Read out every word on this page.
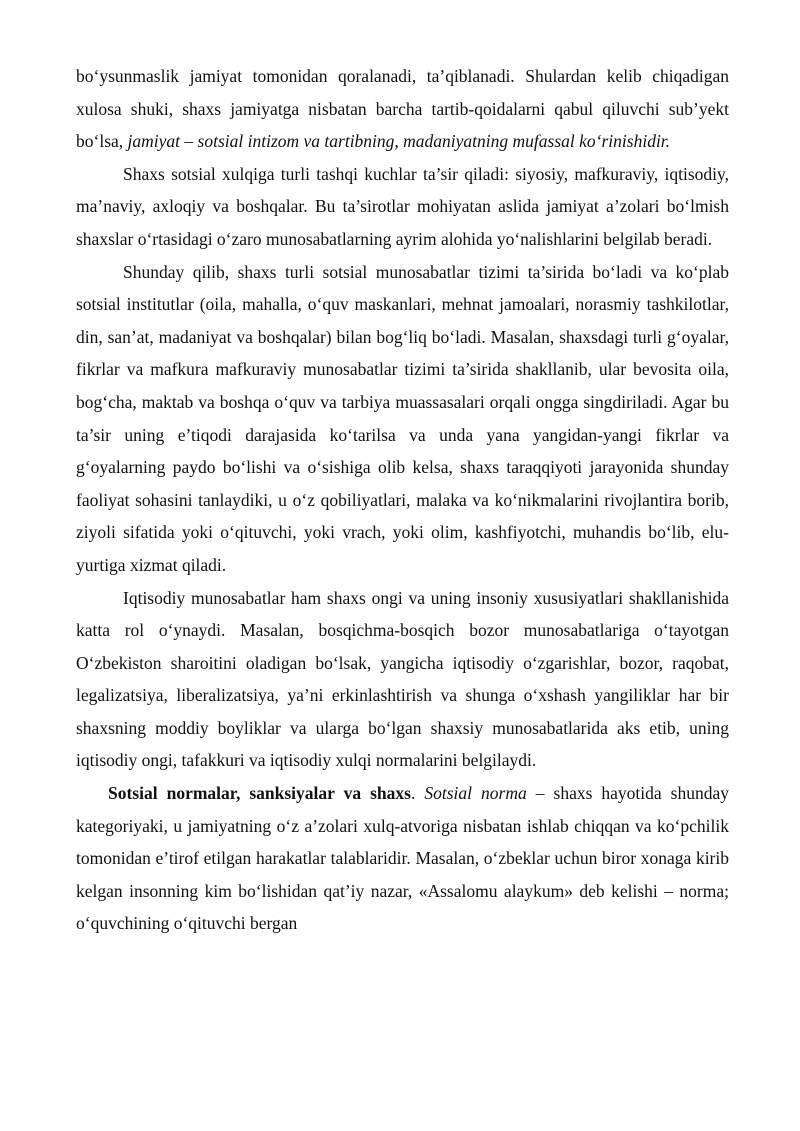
bo‘ysunmaslik jamiyat tomonidan qoralanadi, ta’qiblanadi. Shulardan kelib chiqadigan xulosa shuki, shaxs jamiyatga nisbatan barcha tartib-qoidalarni qabul qiluvchi sub’yekt bo‘lsa, jamiyat – sotsial intizom va tartibning, madaniyatning mufassal ko‘rinishidir.

Shaxs sotsial xulqiga turli tashqi kuchlar ta’sir qiladi: siyosiy, mafkuraviy, iqtisodiy, ma’naviy, axloqiy va boshqalar. Bu ta’sirotlar mohiyatan aslida jamiyat a’zolari bo‘lmish shaxslar o‘rtasidagi o‘zaro munosabatlarning ayrim alohida yo‘nalishlarini belgilab beradi.

Shunday qilib, shaxs turli sotsial munosabatlar tizimi ta’sirida bo‘ladi va ko‘plab sotsial institutlar (oila, mahalla, o‘quv maskanlari, mehnat jamoalari, norasmiy tashkilotlar, din, san’at, madaniyat va boshqalar) bilan bog‘liq bo‘ladi. Masalan, shaxsdagi turli g‘oyalar, fikrlar va mafkura mafkuraviy munosabatlar tizimi ta’sirida shakllanib, ular bevosita oila, bog‘cha, maktab va boshqa o‘quv va tarbiya muassasalari orqali ongga singdiriladi. Agar bu ta’sir uning e’tiqodi darajasida ko‘tarilsa va unda yana yangidan-yangi fikrlar va g‘oyalarning paydo bo‘lishi va o‘sishiga olib kelsa, shaxs taraqqiyoti jarayonida shunday faoliyat sohasini tanlaydiki, u o‘z qobiliyatlari, malaka va ko‘nikmalarini rivojlantira borib, ziyoli sifatida yoki o‘qituvchi, yoki vrach, yoki olim, kashfiyotchi, muhandis bo‘lib, elu- yurtiga xizmat qiladi.

Iqtisodiy munosabatlar ham shaxs ongi va uning insoniy xususiyatlari shakllanishida katta rol o‘ynaydi. Masalan, bosqichma-bosqich bozor munosabatlariga o‘tayotgan O‘zbekiston sharoitini oladigan bo‘lsak, yangicha iqtisodiy o‘zgarishlar, bozor, raqobat, legalizatsiya, liberalizatsiya, ya’ni erkinlashtirish va shunga o‘xshash yangiliklar har bir shaxsning moddiy boyliklar va ularga bo‘lgan shaxsiy munosabatlarida aks etib, uning iqtisodiy ongi, tafakkuri va iqtisodiy xulqi normalarini belgilaydi.

Sotsial normalar, sanksiyalar va shaxs. Sotsial norma – shaxs hayotida shunday kategoriyaki, u jamiyatning o‘z a’zolari xulq-atvoriga nisbatan ishlab chiqqan va ko‘pchilik tomonidan e’tirof etilgan harakatlar talablaridir. Masalan, o‘zbeklar uchun biror xonaga kirib kelgan insonning kim bo‘lishidan qat’iy nazar, «Assalomu alaykum» deb kelishi – norma; o‘quvchining o‘qituvchi bergan
